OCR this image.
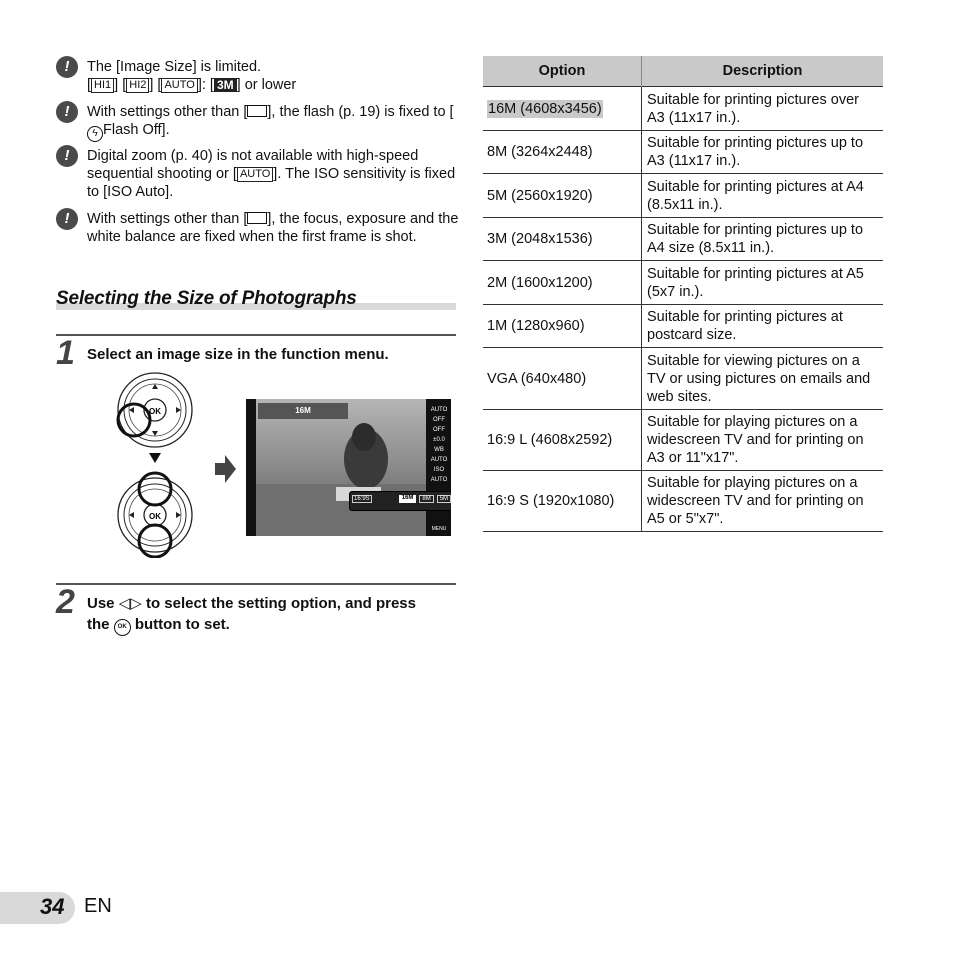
!	The [Image Size] is limited.
[ HI1 ] [ HI2 ] [ AUTO ]: [ 3M ] or lower
!	With settings other than [ ], the flash (p. 19) is fixed to [ϟ Flash Off].
!	Digital zoom (p. 40) is not available with high-speed sequential shooting or [ AUTO ]. The ISO sensitivity is fixed to [ISO Auto].
!	With settings other than [ ], the focus, exposure and the white balance are fixed when the first frame is shot.
Selecting the Size of Photographs
1 Select an image size in the function menu.
OK
OK
16M	AUTO
OFF
OFF
±0.0
WB AUTO
ISO AUTO
MENU
16:9S	16M	8M	5M
2 Use ◁▷ to select the setting option, and press the OK button to set.
Option	Description
16M (4608x3456)	Suitable for printing pictures over A3 (11x17 in.).
8M (3264x2448)	Suitable for printing pictures up to A3 (11x17 in.).
5M (2560x1920)	Suitable for printing pictures at A4 (8.5x11 in.).
3M (2048x1536)	Suitable for printing pictures up to A4 size (8.5x11 in.).
2M (1600x1200)	Suitable for printing pictures at A5 (5x7 in.).
1M (1280x960)	Suitable for printing pictures at postcard size.
VGA (640x480)	Suitable for viewing pictures on a TV or using pictures on emails and web sites.
16:9 L (4608x2592)	Suitable for playing pictures on a widescreen TV and for printing on A3 or 11"x17".
16:9 S (1920x1080)	Suitable for playing pictures on a widescreen TV and for printing on A5 or 5"x7".
34 EN
